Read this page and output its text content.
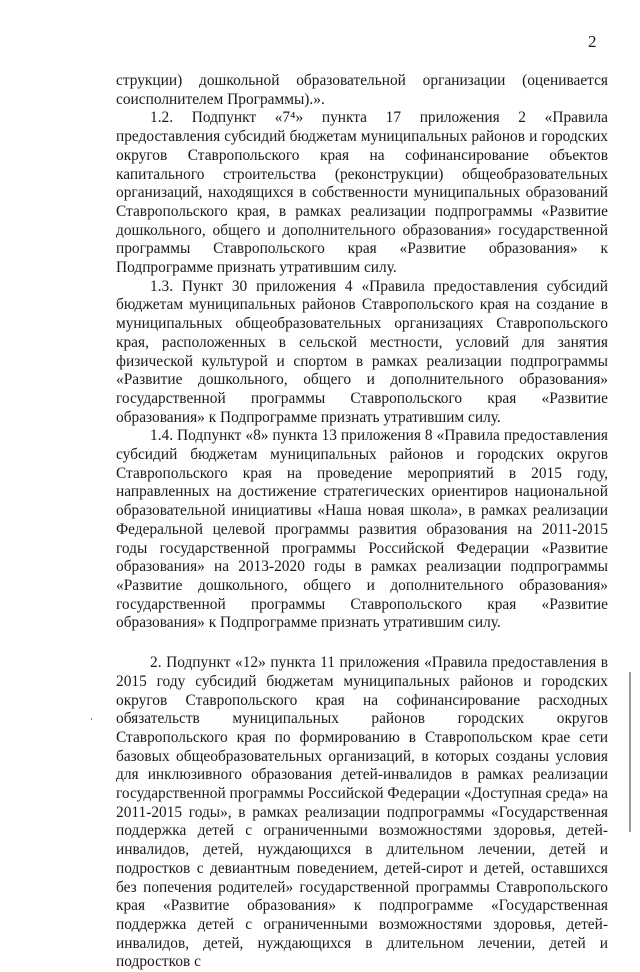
2

струкции) дошкольной образовательной организации (оценивается соисполнителем Программы).».

1.2. Подпункт «7⁴» пункта 17 приложения 2 «Правила предоставления субсидий бюджетам муниципальных районов и городских округов Ставропольского края на софинансирование объектов капитального строительства (реконструкции) общеобразовательных организаций, находящихся в собственности муниципальных образований Ставропольского края, в рамках реализации подпрограммы «Развитие дошкольного, общего и дополнительного образования» государственной программы Ставропольского края «Развитие образования» к Подпрограмме признать утратившим силу.

1.3. Пункт 30 приложения 4 «Правила предоставления субсидий бюджетам муниципальных районов Ставропольского края на создание в муниципальных общеобразовательных организациях Ставропольского края, расположенных в сельской местности, условий для занятия физической культурой и спортом в рамках реализации подпрограммы «Развитие дошкольного, общего и дополнительного образования» государственной программы Ставропольского края «Развитие образования» к Подпрограмме признать утратившим силу.

1.4. Подпункт «8» пункта 13 приложения 8 «Правила предоставления субсидий бюджетам муниципальных районов и городских округов Ставропольского края на проведение мероприятий в 2015 году, направленных на достижение стратегических ориентиров национальной образовательной инициативы «Наша новая школа», в рамках реализации Федеральной целевой программы развития образования на 2011-2015 годы государственной программы Российской Федерации «Развитие образования» на 2013-2020 годы в рамках реализации подпрограммы «Развитие дошкольного, общего и дополнительного образования» государственной программы Ставропольского края «Развитие образования» к Подпрограмме признать утратившим силу.

2. Подпункт «12» пункта 11 приложения «Правила предоставления в 2015 году субсидий бюджетам муниципальных районов и городских округов Ставропольского края на софинансирование расходных обязательств муниципальных районов городских округов Ставропольского края по формированию в Ставропольском крае сети базовых общеобразовательных организаций, в которых созданы условия для инклюзивного образования детей-инвалидов в рамках реализации государственной программы Российской Федерации «Доступная среда» на 2011-2015 годы», в рамках реализации подпрограммы «Государственная поддержка детей с ограниченными возможностями здоровья, детей-инвалидов, детей, нуждающихся в длительном лечении, детей и подростков с девиантным поведением, детей-сирот и детей, оставшихся без попечения родителей» государственной программы Ставропольского края «Развитие образования» к подпрограмме «Государственная поддержка детей с ограниченными возможностями здоровья, детей-инвалидов, детей, нуждающихся в длительном лечении, детей и подростков с
